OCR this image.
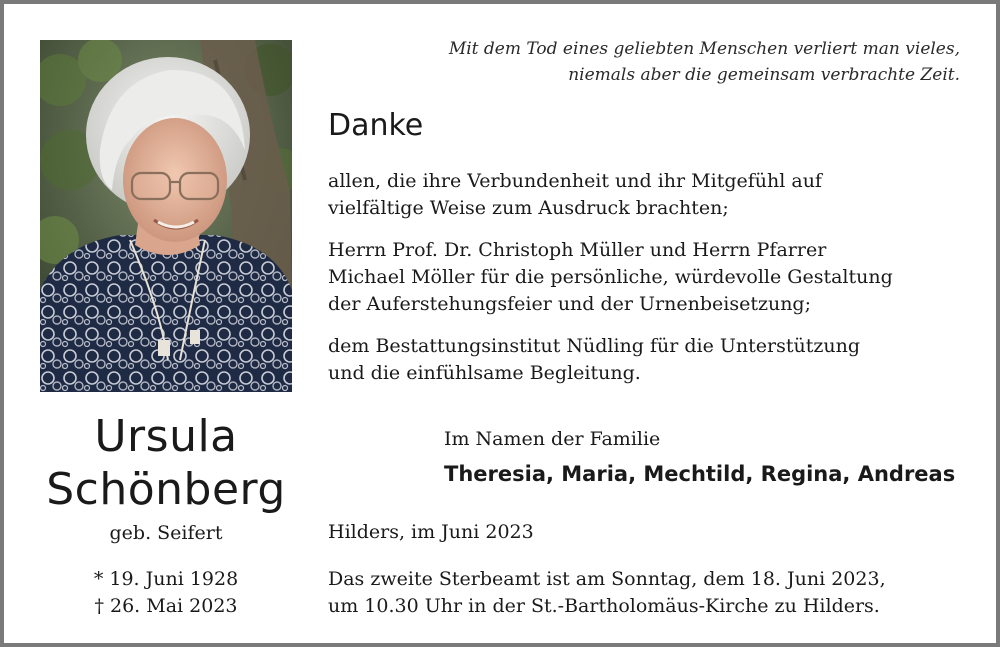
Ursula
Schönberg
geb. Seifert
* 19. Juni 1928
† 26. Mai 2023
Mit dem Tod eines geliebten Menschen verliert man vieles,
niemals aber die gemeinsam verbrachte Zeit.
Danke
allen, die ihre Verbundenheit und ihr Mitgefühl auf
vielfältige Weise zum Ausdruck brachten;
Herrn Prof. Dr. Christoph Müller und Herrn Pfarrer
Michael Möller für die persönliche, würdevolle Gestaltung
der Auferstehungsfeier und der Urnenbeisetzung;
dem Bestattungsinstitut Nüdling für die Unterstützung
und die einfühlsame Begleitung.
Im Namen der Familie
Theresia, Maria, Mechtild, Regina, Andreas
Hilders, im Juni 2023
Das zweite Sterbeamt ist am Sonntag, dem 18. Juni 2023,
um 10.30 Uhr in der St.-Bartholomäus-Kirche zu Hilders.
